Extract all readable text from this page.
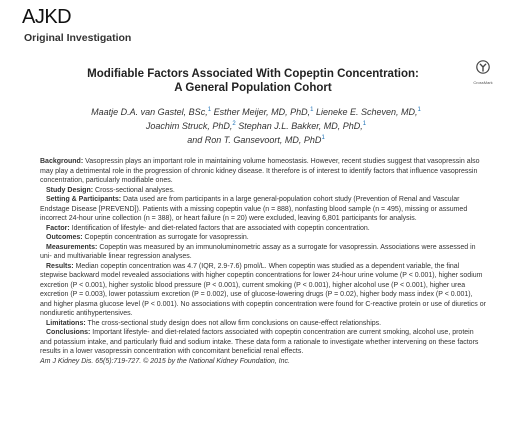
AJKD
Original Investigation
Modifiable Factors Associated With Copeptin Concentration:
A General Population Cohort	CrossMark
Maatje D.A. van Gastel, BSc,$^1$ Esther Meijer, MD, PhD,$^1$ Lieneke E. Scheven, MD,$^1$
Joachim Struck, PhD,$^2$ Stephan J.L. Bakker, MD, PhD,$^1$
and Ron T. Gansevoort, MD, PhD$^1$

Background: Vasopressin plays an important role in maintaining volume homeostasis. However, recent studies suggest that vasopressin also may play a detrimental role in the progression of chronic kidney disease. It therefore is of interest to identify factors that influence vasopressin concentration, particularly modifiable ones.

Study Design: Cross-sectional analyses.

Setting & Participants: Data used are from participants in a large general-population cohort study (Prevention of Renal and Vascular Endstage Disease [PREVEND]). Patients with a missing copeptin value (n = 888), nonfasting blood sample (n = 495), missing or assumed incorrect 24-hour urine collection (n = 388), or heart failure (n = 20) were excluded, leaving 6,801 participants for analysis.

Factor: Identification of lifestyle- and diet-related factors that are associated with copeptin concentration.

Outcomes: Copeptin concentration as surrogate for vasopressin.

Measurements: Copeptin was measured by an immunoluminometric assay as a surrogate for vasopressin. Associations were assessed in uni- and multivariable linear regression analyses.

Results: Median copeptin concentration was 4.7 (IQR, 2.9-7.6) pmol/L. When copeptin was studied as a dependent variable, the final stepwise backward model revealed associations with higher copeptin concentrations for lower 24-hour urine volume (P < 0.001), higher sodium excretion (P < 0.001), higher systolic blood pressure (P < 0.001), current smoking (P < 0.001), higher alcohol use (P < 0.001), higher urea excretion (P = 0.003), lower potassium excretion (P = 0.002), use of glucose-lowering drugs (P = 0.02), higher body mass index (P < 0.001), and higher plasma glucose level (P < 0.001). No associations with copeptin concentration were found for C-reactive protein or use of diuretics or nondiuretic antihypertensives.

Limitations: The cross-sectional study design does not allow firm conclusions on cause-effect relationships.

Conclusions: Important lifestyle- and diet-related factors associated with copeptin concentration are current smoking, alcohol use, protein and potassium intake, and particularly fluid and sodium intake. These data form a rationale to investigate whether intervening on these factors results in a lower vasopressin concentration with concomitant beneficial renal effects.

Am J Kidney Dis. 65(5):719-727. © 2015 by the National Kidney Foundation, Inc.
